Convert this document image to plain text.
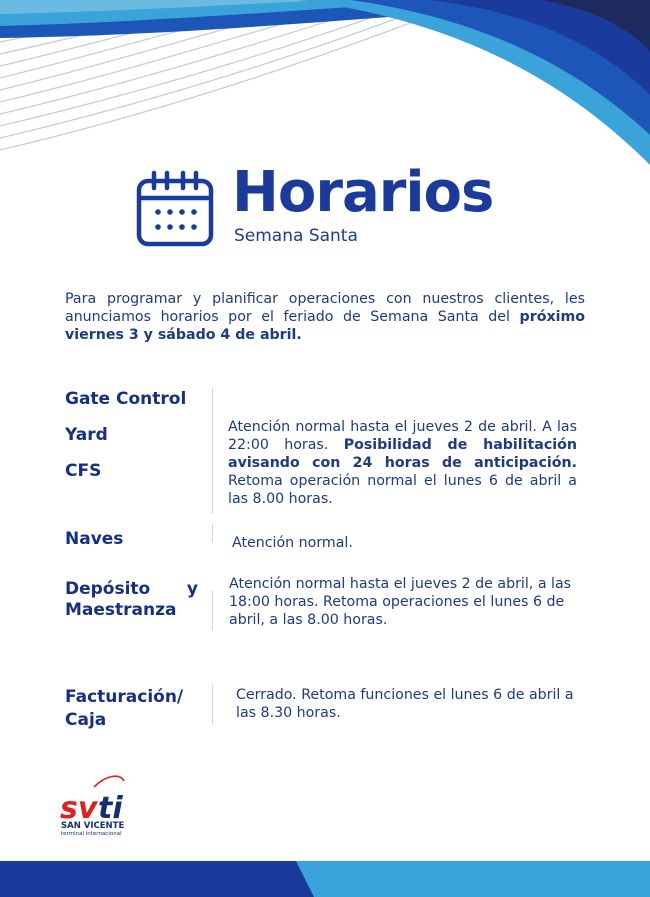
Horarios
Semana Santa

Para programar y planificar operaciones con nuestros clientes, les anunciamos horarios por el feriado de Semana Santa del próximo viernes 3 y sábado 4 de abril.

Gate Control
Yard
CFS

Atención normal hasta el jueves 2 de abril. A las 22:00 horas. Posibilidad de habilitación avisando con 24 horas de anticipación. Retoma operación normal el lunes 6 de abril a las 8.00 horas.

Naves	Atención normal.

Depósito y
Maestranza

Atención normal hasta el jueves 2 de abril, a las 18:00 horas. Retoma operaciones el lunes 6 de abril, a las 8.00 horas.

Facturación/
Caja

Cerrado. Retoma funciones el lunes 6 de abril a las 8.30 horas.

sv ti
SAN VICENTE
terminal internacional
